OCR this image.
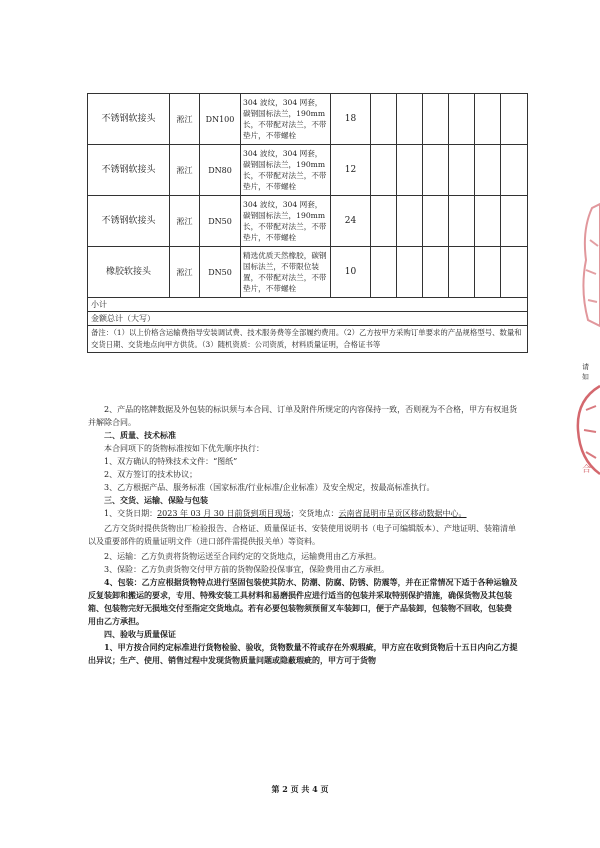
请
如
合
不锈钢软接头	淞江	DN100	304 波纹，304 网套，碳钢国标法兰，190mm长，不带配对法兰，不带垫片，不带螺栓	18						
不锈钢软接头	淞江	DN80	304 波纹，304 网套，碳钢国标法兰，190mm长，不带配对法兰，不带垫片，不带螺栓	12						
不锈钢软接头	淞江	DN50	304 波纹，304 网套，碳钢国标法兰，190mm长，不带配对法兰，不带垫片，不带螺栓	24						
橡胶软接头	淞江	DN50	精选优质天然橡胶，碳钢国标法兰，不带限位装置，不带配对法兰，不带垫片，不带螺栓	10						
小计										
金额总计（大写）										
备注：（1）以上价格含运输费指导安装调试费、技术服务费等全部履约费用。（2）乙方按甲方采购订单要求的产品规格型号、数量和交货日期、交货地点向甲方供货。（3）随机资质：公司资质，材料质量证明，合格证书等										

2、产品的铭牌数据及外包装的标识须与本合同、订单及附件所规定的内容保持一致，否则视为不合格，甲方有权退货并解除合同。

二、质量、技术标准

本合同项下的货物标准按如下优先顺序执行：

1、双方确认的特殊技术文件：“图纸”

2、双方签订的技术协议；

3、乙方根据产品、服务标准（国家标准/行业标准/企业标准）及安全规定，按最高标准执行。

三、交货、运输、保险与包装

1、交货日期：2023 年 03 月 30 日前货到项目现场；交货地点：云南省昆明市呈贡区移动数据中心。

乙方交货时提供货物出厂检验报告、合格证、质量保证书、安装使用说明书（电子可编辑版本）、产地证明、装箱清单以及重要部件的质量证明文件（进口部件需提供报关单）等资料。

2、运输：乙方负责将货物运送至合同约定的交货地点，运输费用由乙方承担。

3、保险：乙方负责货物交付甲方前的货物保险投保事宜，保险费用由乙方承担。

4、包装：乙方应根据货物特点进行坚固包装使其防水、防潮、防腐、防锈、防震等，并在正常情况下适于各种运输及反复装卸和搬运的要求，专用、特殊安装工具材料和易磨损件应进行适当的包装并采取特别保护措施，确保货物及其包装箱、包装物完好无损地交付至指定交货地点。若有必要包装物须预留叉车装卸口，便于产品装卸，包装物不回收，包装费用由乙方承担。

四、验收与质量保证

1、甲方按合同约定标准进行货物检验、验收，货物数量不符或存在外观瑕疵，甲方应在收到货物后十五日内向乙方提出异议；生产、使用、销售过程中发现货物质量问题或隐蔽瑕疵的，甲方可于货物

第 2 页 共 4 页
